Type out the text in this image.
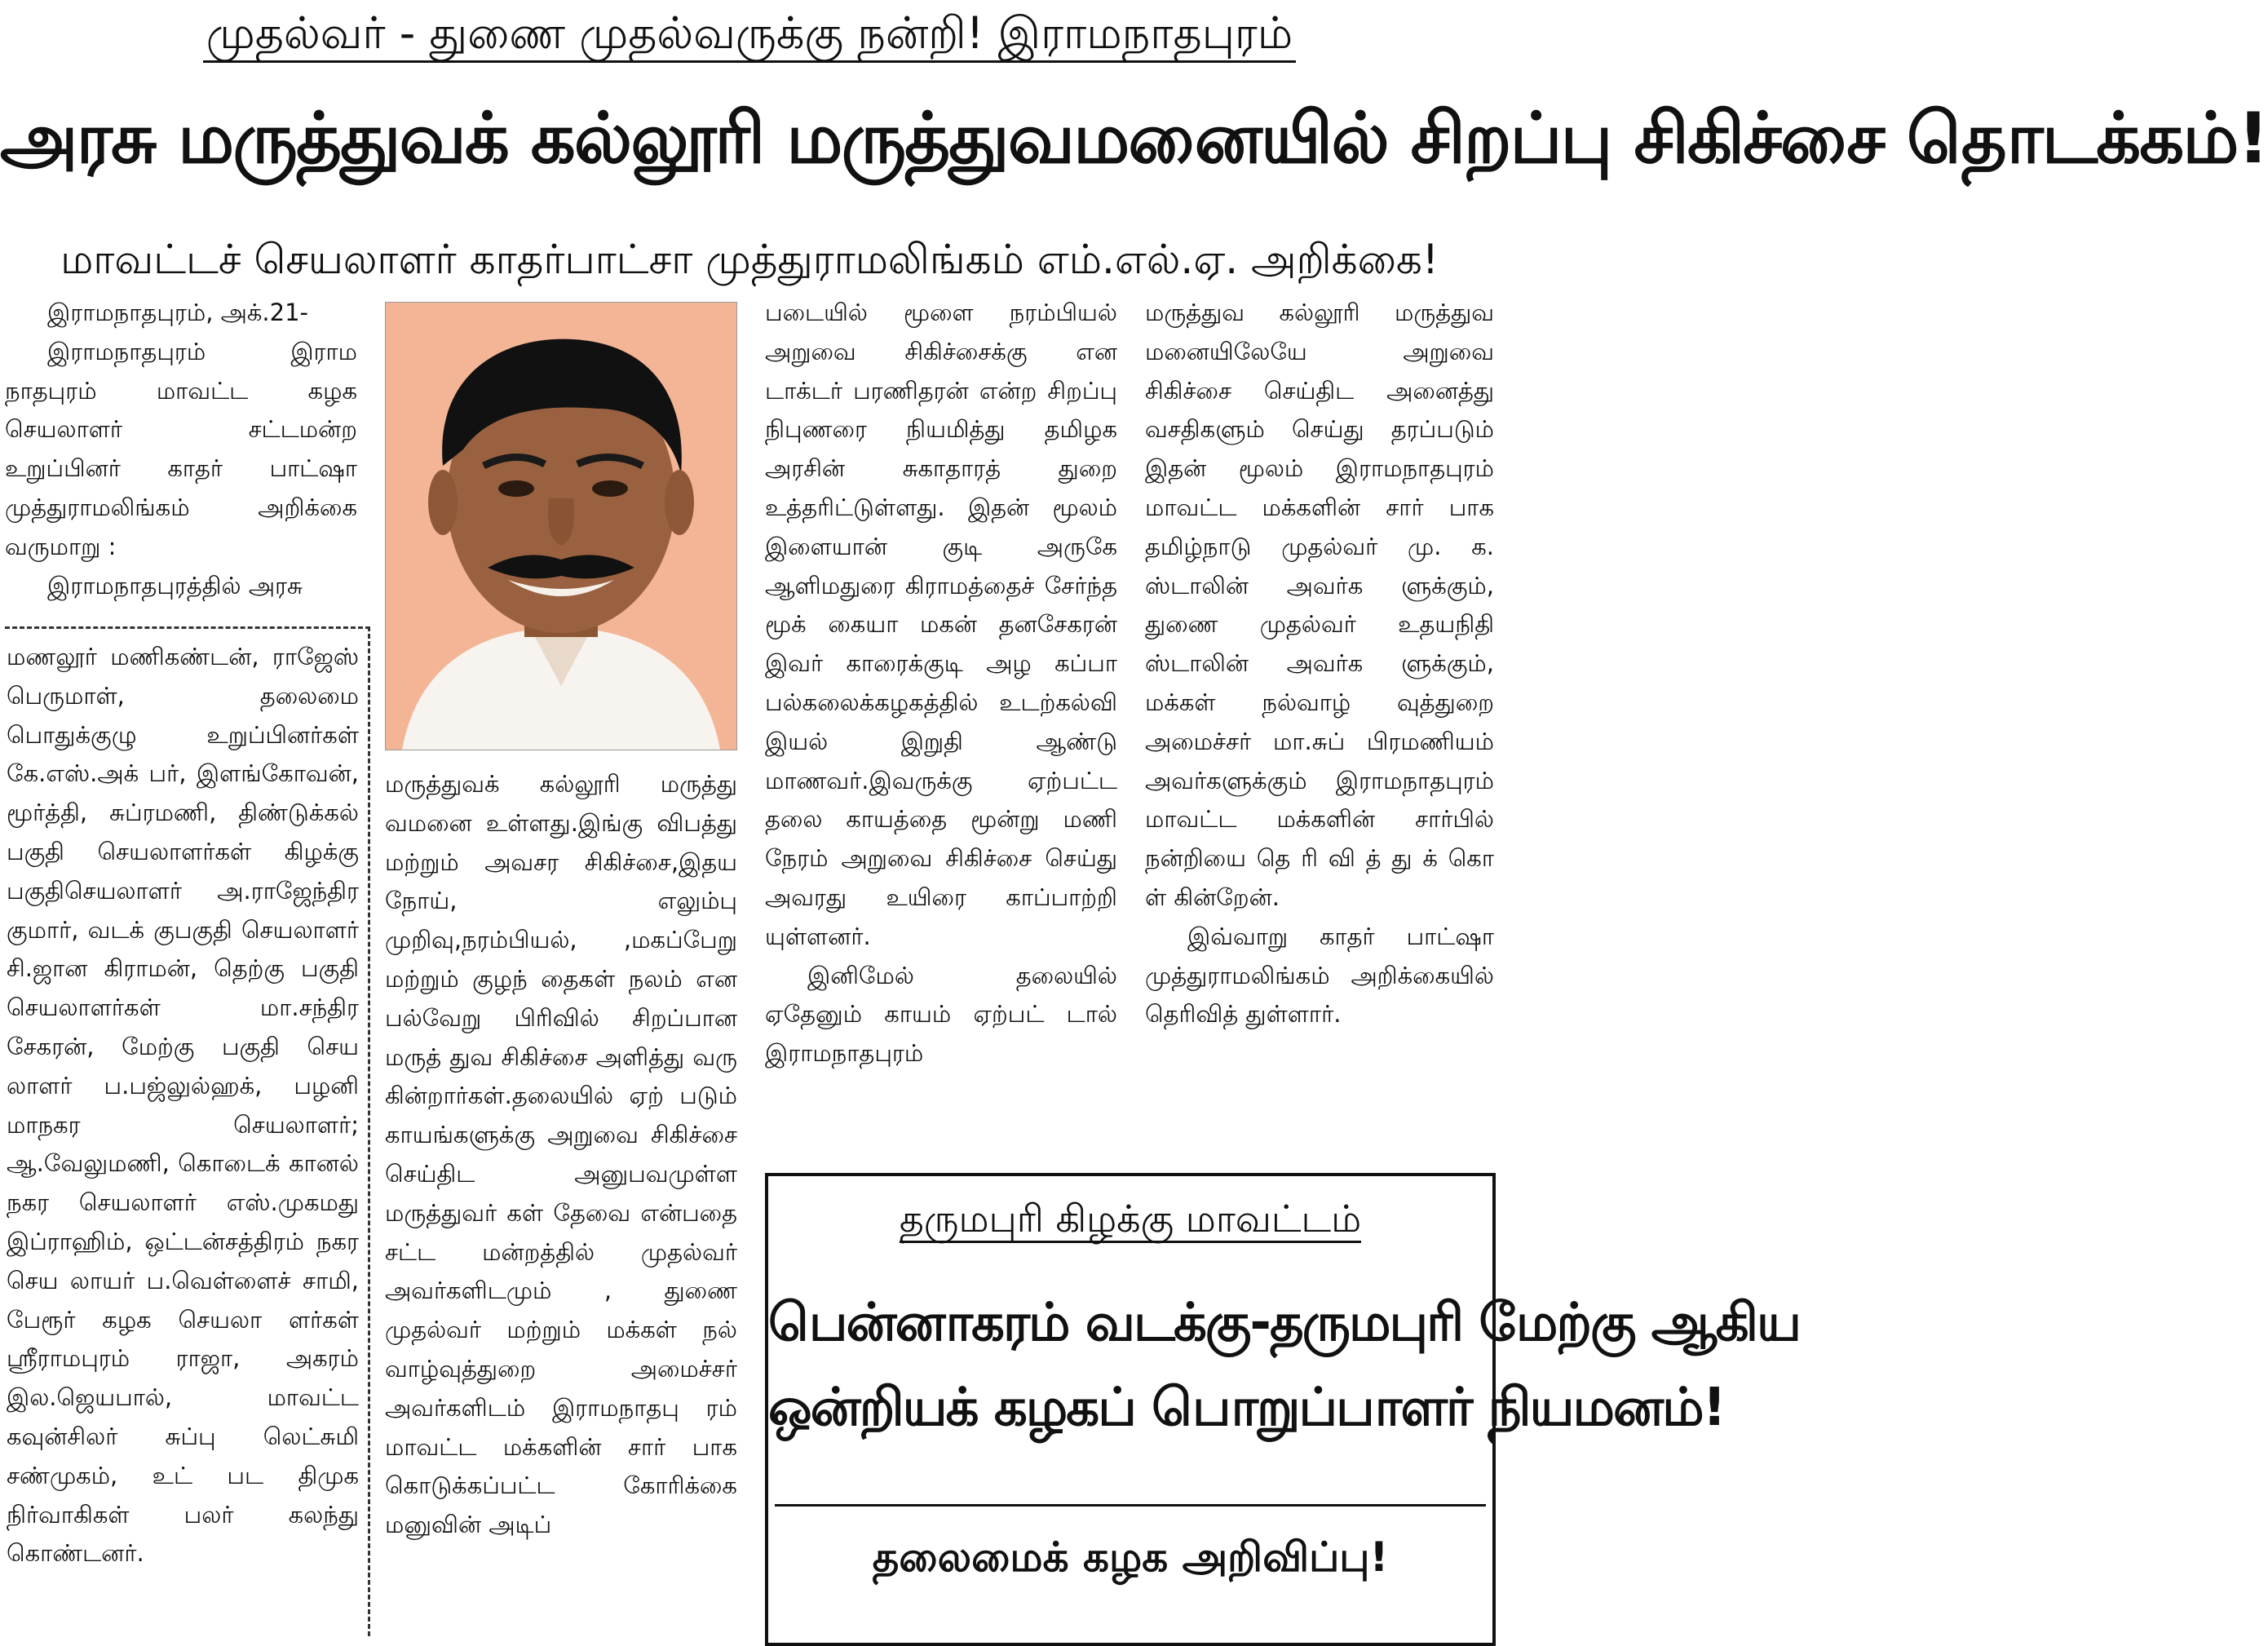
முதல்வர் - துணை முதல்வருக்கு நன்றி! இராமநாதபுரம்
அரசு மருத்துவக் கல்லூரி மருத்துவமனையில் சிறப்பு சிகிச்சை தொடக்கம்!
மாவட்டச் செயலாளர் காதர்பாட்சா முத்துராமலிங்கம் எம்.எல்.ஏ. அறிக்கை!

இராமநாதபுரம், அக்.21-

இராமநாதபுரம் இராம நாதபுரம் மாவட்ட கழக செயலாளர் சட்டமன்ற உறுப்பினர் காதர் பாட்ஷா முத்துராமலிங்கம் அறிக்கை வருமாறு :

இராமநாதபுரத்தில் அரசு

மணலூர் மணிகண்டன், ராஜேஸ் பெருமாள், தலைமை பொதுக்குழு உறுப்பினர்கள் கே.எஸ்.அக் பர், இளங்கோவன், மூர்த்தி, சுப்ரமணி, திண்டுக்கல் பகுதி செயலாளர்கள் கிழக்கு பகுதிசெயலாளர் அ.ராஜேந்திர குமார், வடக் குபகுதி செயலாளர் சி.ஜான கிராமன், தெற்கு பகுதி செயலாளர்கள் மா.சந்திர சேகரன், மேற்கு பகுதி செய லாளர் ப.பஜ்லுல்ஹக், பழனி மாநகர செயலாளர்; ஆ.வேலுமணி, கொடைக் கானல் நகர செயலாளர் எஸ்.முகமது இப்ராஹிம், ஒட்டன்சத்திரம் நகர செய லாயர் ப.வெள்ளைச் சாமி, பேரூர் கழக செயலா ளர்கள் ஸ்ரீராமபுரம் ராஜா, அகரம் இல.ஜெயபால், மாவட்ட கவுன்சிலர் சுப்பு லெட்சுமி சண்முகம், உட் பட திமுக நிர்வாகிகள் பலர் கலந்து கொண்டனர்.

மருத்துவக் கல்லூரி மருத்து வமனை உள்ளது.இங்கு விபத்து மற்றும் அவசர சிகிச்சை,இதய நோய், எலும்பு முறிவு,நரம்பியல், ,மகப்பேறு மற்றும் குழந் தைகள் நலம் என பல்வேறு பிரிவில் சிறப்பான மருத் துவ சிகிச்சை அளித்து வரு கின்றார்கள்.தலையில் ஏற் படும் காயங்களுக்கு அறுவை சிகிச்சை செய்திட அனுபவமுள்ள மருத்துவர் கள் தேவை என்பதை சட்ட மன்றத்தில் முதல்வர் அவர்களிடமும் , துணை முதல்வர் மற்றும் மக்கள் நல் வாழ்வுத்துறை அமைச்சர் அவர்களிடம் இராமநாதபு ரம் மாவட்ட மக்களின் சார் பாக கொடுக்கப்பட்ட கோரிக்கை மனுவின் அடிப்

படையில் மூளை நரம்பியல் அறுவை சிகிச்சைக்கு என டாக்டர் பரணிதரன் என்ற சிறப்பு நிபுணரை நியமித்து தமிழக அரசின் சுகாதாரத் துறை உத்தரிட்டுள்ளது. இதன் மூலம் இளையான் குடி அருகே ஆளிமதுரை கிராமத்தைச் சேர்ந்த மூக் கையா மகன் தனசேகரன் இவர் காரைக்குடி அழ கப்பா பல்கலைக்கழகத்தில் உடற்கல்வி இயல் இறுதி ஆண்டு மாணவர்.இவருக்கு ஏற்பட்ட தலை காயத்தை மூன்று மணி நேரம் அறுவை சிகிச்சை செய்து அவரது உயிரை காப்பாற்றி யுள்ளனர்.

இனிமேல் தலையில் ஏதேனும் காயம் ஏற்பட் டால் இராமநாதபுரம்

மருத்துவ கல்லூரி மருத்துவ மனையிலேயே அறுவை சிகிச்சை செய்திட அனைத்து வசதிகளும் செய்து தரப்படும் இதன் மூலம் இராமநாதபுரம் மாவட்ட மக்களின் சார் பாக தமிழ்நாடு முதல்வர் மு. க. ஸ்டாலின் அவர்க ளுக்கும், துணை முதல்வர் உதயநிதி ஸ்டாலின் அவர்க ளுக்கும், மக்கள் நல்வாழ் வுத்துறை அமைச்சர் மா.சுப் பிரமணியம் அவர்களுக்கும் இராமநாதபுரம் மாவட்ட மக்களின் சார்பில் நன்றியை தெ ரி வி த் து க் கொ ள் கின்றேன்.

இவ்வாறு காதர் பாட்ஷா முத்துராமலிங்கம் அறிக்கையில் தெரிவித் துள்ளார்.

தருமபுரி கிழக்கு மாவட்டம்
பென்னாகரம் வடக்கு-தருமபுரி மேற்கு ஆகிய
ஒன்றியக் கழகப் பொறுப்பாளர் நியமனம்!
தலைமைக் கழக அறிவிப்பு!
